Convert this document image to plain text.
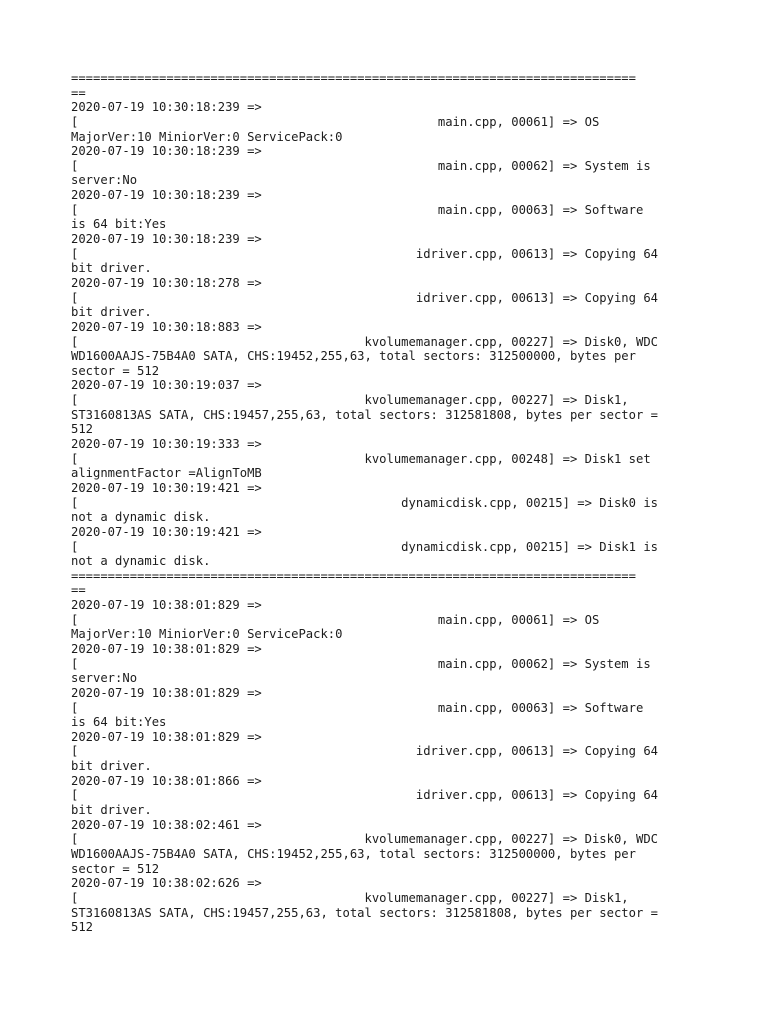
=============================================================================
==
2020-07-19 10:30:18:239 =>
[                                                 main.cpp, 00061] => OS
MajorVer:10 MiniorVer:0 ServicePack:0
2020-07-19 10:30:18:239 =>
[                                                 main.cpp, 00062] => System is
server:No
2020-07-19 10:30:18:239 =>
[                                                 main.cpp, 00063] => Software
is 64 bit:Yes
2020-07-19 10:30:18:239 =>
[                                              idriver.cpp, 00613] => Copying 64
bit driver.
2020-07-19 10:30:18:278 =>
[                                              idriver.cpp, 00613] => Copying 64
bit driver.
2020-07-19 10:30:18:883 =>
[                                       kvolumemanager.cpp, 00227] => Disk0, WDC
WD1600AAJS-75B4A0 SATA, CHS:19452,255,63, total sectors: 312500000, bytes per
sector = 512
2020-07-19 10:30:19:037 =>
[                                       kvolumemanager.cpp, 00227] => Disk1,
ST3160813AS SATA, CHS:19457,255,63, total sectors: 312581808, bytes per sector =
512
2020-07-19 10:30:19:333 =>
[                                       kvolumemanager.cpp, 00248] => Disk1 set
alignmentFactor =AlignToMB
2020-07-19 10:30:19:421 =>
[                                            dynamicdisk.cpp, 00215] => Disk0 is
not a dynamic disk.
2020-07-19 10:30:19:421 =>
[                                            dynamicdisk.cpp, 00215] => Disk1 is
not a dynamic disk.
=============================================================================
==
2020-07-19 10:38:01:829 =>
[                                                 main.cpp, 00061] => OS
MajorVer:10 MiniorVer:0 ServicePack:0
2020-07-19 10:38:01:829 =>
[                                                 main.cpp, 00062] => System is
server:No
2020-07-19 10:38:01:829 =>
[                                                 main.cpp, 00063] => Software
is 64 bit:Yes
2020-07-19 10:38:01:829 =>
[                                              idriver.cpp, 00613] => Copying 64
bit driver.
2020-07-19 10:38:01:866 =>
[                                              idriver.cpp, 00613] => Copying 64
bit driver.
2020-07-19 10:38:02:461 =>
[                                       kvolumemanager.cpp, 00227] => Disk0, WDC
WD1600AAJS-75B4A0 SATA, CHS:19452,255,63, total sectors: 312500000, bytes per
sector = 512
2020-07-19 10:38:02:626 =>
[                                       kvolumemanager.cpp, 00227] => Disk1,
ST3160813AS SATA, CHS:19457,255,63, total sectors: 312581808, bytes per sector =
512
